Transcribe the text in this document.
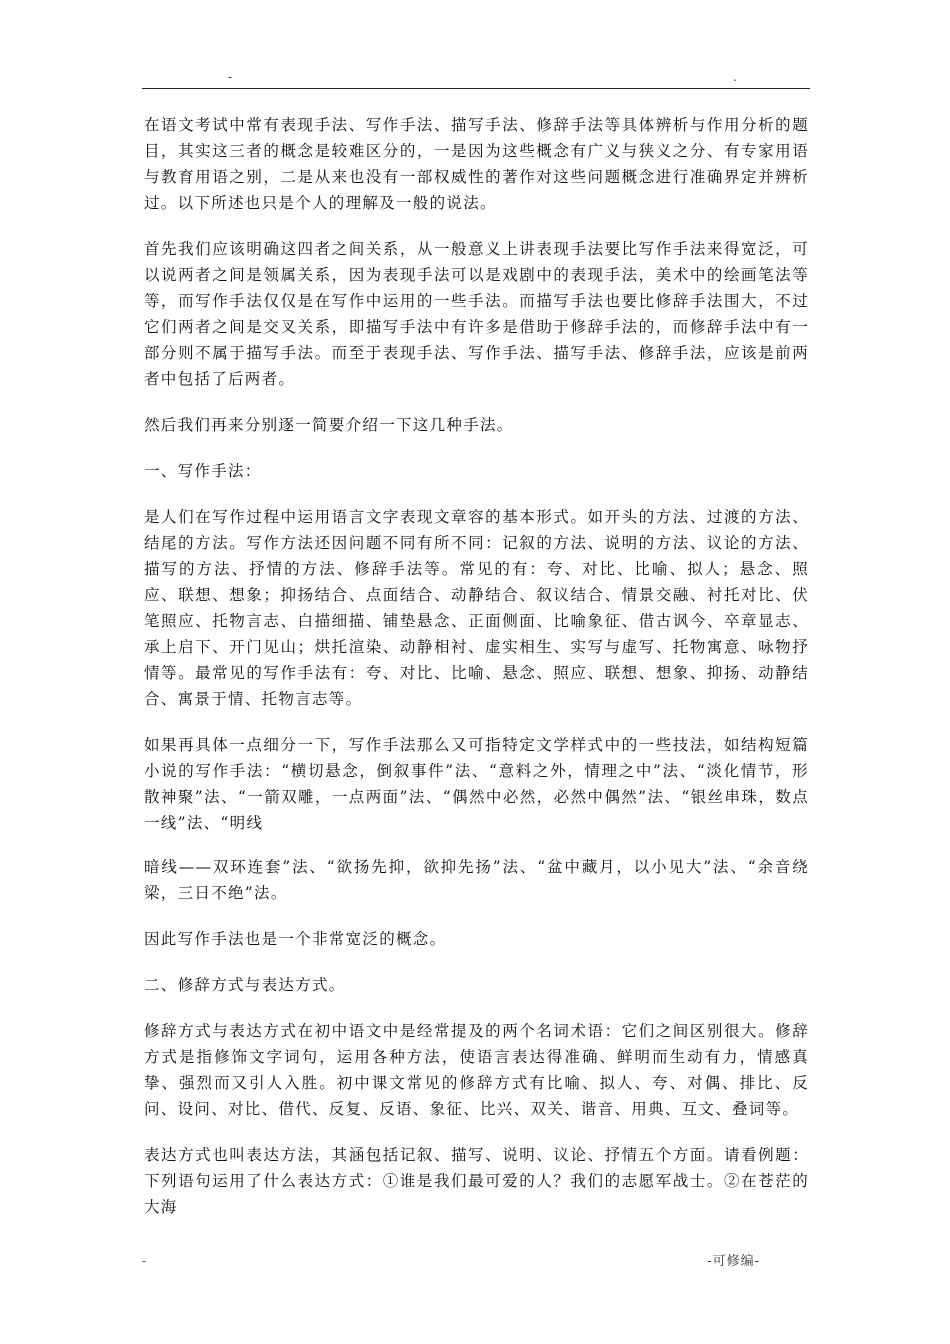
-	.

在语文考试中常有表现手法、写作手法、描写手法、修辞手法等具体辨析与作用分析的题目，其实这三者的概念是较难区分的，一是因为这些概念有广义与狭义之分、有专家用语与教育用语之别，二是从来也没有一部权威性的著作对这些问题概念进行准确界定并辨析过。以下所述也只是个人的理解及一般的说法。

首先我们应该明确这四者之间关系，从一般意义上讲表现手法要比写作手法来得宽泛，可以说两者之间是领属关系，因为表现手法可以是戏剧中的表现手法，美术中的绘画笔法等等，而写作手法仅仅是在写作中运用的一些手法。而描写手法也要比修辞手法围大，不过它们两者之间是交叉关系，即描写手法中有许多是借助于修辞手法的，而修辞手法中有一部分则不属于描写手法。而至于表现手法、写作手法、描写手法、修辞手法，应该是前两者中包括了后两者。

然后我们再来分别逐一简要介绍一下这几种手法。

一、写作手法：

是人们在写作过程中运用语言文字表现文章容的基本形式。如开头的方法、过渡的方法、结尾的方法。写作方法还因问题不同有所不同：记叙的方法、说明的方法、议论的方法、描写的方法、抒情的方法、修辞手法等。常见的有：夸、对比、比喻、拟人；悬念、照应、联想、想象；抑扬结合、点面结合、动静结合、叙议结合、情景交融、衬托对比、伏笔照应、托物言志、白描细描、铺垫悬念、正面侧面、比喻象征、借古讽今、卒章显志、承上启下、开门见山；烘托渲染、动静相衬、虚实相生、实写与虚写、托物寓意、咏物抒情等。最常见的写作手法有：夸、对比、比喻、悬念、照应、联想、想象、抑扬、动静结合、寓景于情、托物言志等。

如果再具体一点细分一下，写作手法那么又可指特定文学样式中的一些技法，如结构短篇小说的写作手法：“横切悬念，倒叙事件”法、“意料之外，情理之中”法、“淡化情节，形散神聚”法、“一箭双雕，一点两面”法、“偶然中必然，必然中偶然”法、“银丝串珠，数点一线”法、“明线

暗线——双环连套”法、“欲扬先抑，欲抑先扬”法、“盆中藏月，以小见大”法、“余音绕梁，三日不绝”法。

因此写作手法也是一个非常宽泛的概念。

二、修辞方式与表达方式。

修辞方式与表达方式在初中语文中是经常提及的两个名词术语：它们之间区别很大。修辞方式是指修饰文字词句，运用各种方法，使语言表达得准确、鲜明而生动有力，情感真挚、强烈而又引人入胜。初中课文常见的修辞方式有比喻、拟人、夸、对偶、排比、反问、设问、对比、借代、反复、反语、象征、比兴、双关、谐音、用典、互文、叠词等。

表达方式也叫表达方法，其涵包括记叙、描写、说明、议论、抒情五个方面。请看例题：下列语句运用了什么表达方式：①谁是我们最可爱的人？我们的志愿军战士。②在苍茫的大海

-	-可修编-
